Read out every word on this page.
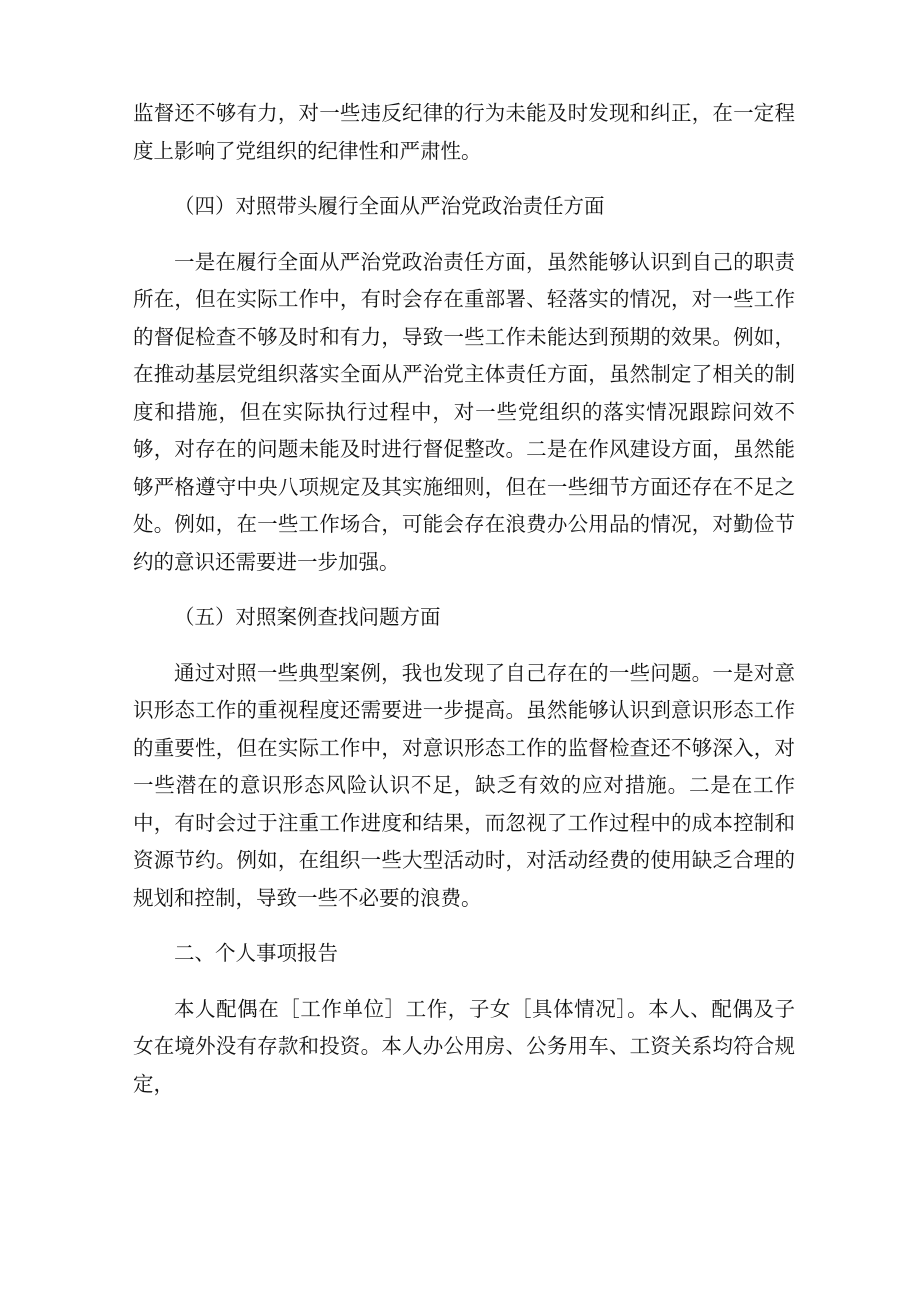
监督还不够有力，对一些违反纪律的行为未能及时发现和纠正，在一定程度上影响了党组织的纪律性和严肃性。

（四）对照带头履行全面从严治党政治责任方面

一是在履行全面从严治党政治责任方面，虽然能够认识到自己的职责所在，但在实际工作中，有时会存在重部署、轻落实的情况，对一些工作的督促检查不够及时和有力，导致一些工作未能达到预期的效果。例如，在推动基层党组织落实全面从严治党主体责任方面，虽然制定了相关的制度和措施，但在实际执行过程中，对一些党组织的落实情况跟踪问效不够，对存在的问题未能及时进行督促整改。二是在作风建设方面，虽然能够严格遵守中央八项规定及其实施细则，但在一些细节方面还存在不足之处。例如，在一些工作场合，可能会存在浪费办公用品的情况，对勤俭节约的意识还需要进一步加强。

（五）对照案例查找问题方面

通过对照一些典型案例，我也发现了自己存在的一些问题。一是对意识形态工作的重视程度还需要进一步提高。虽然能够认识到意识形态工作的重要性，但在实际工作中，对意识形态工作的监督检查还不够深入，对一些潜在的意识形态风险认识不足，缺乏有效的应对措施。二是在工作中，有时会过于注重工作进度和结果，而忽视了工作过程中的成本控制和资源节约。例如，在组织一些大型活动时，对活动经费的使用缺乏合理的规划和控制，导致一些不必要的浪费。

二、个人事项报告

本人配偶在［工作单位］工作，子女［具体情况］。本人、配偶及子女在境外没有存款和投资。本人办公用房、公务用车、工资关系均符合规定，
